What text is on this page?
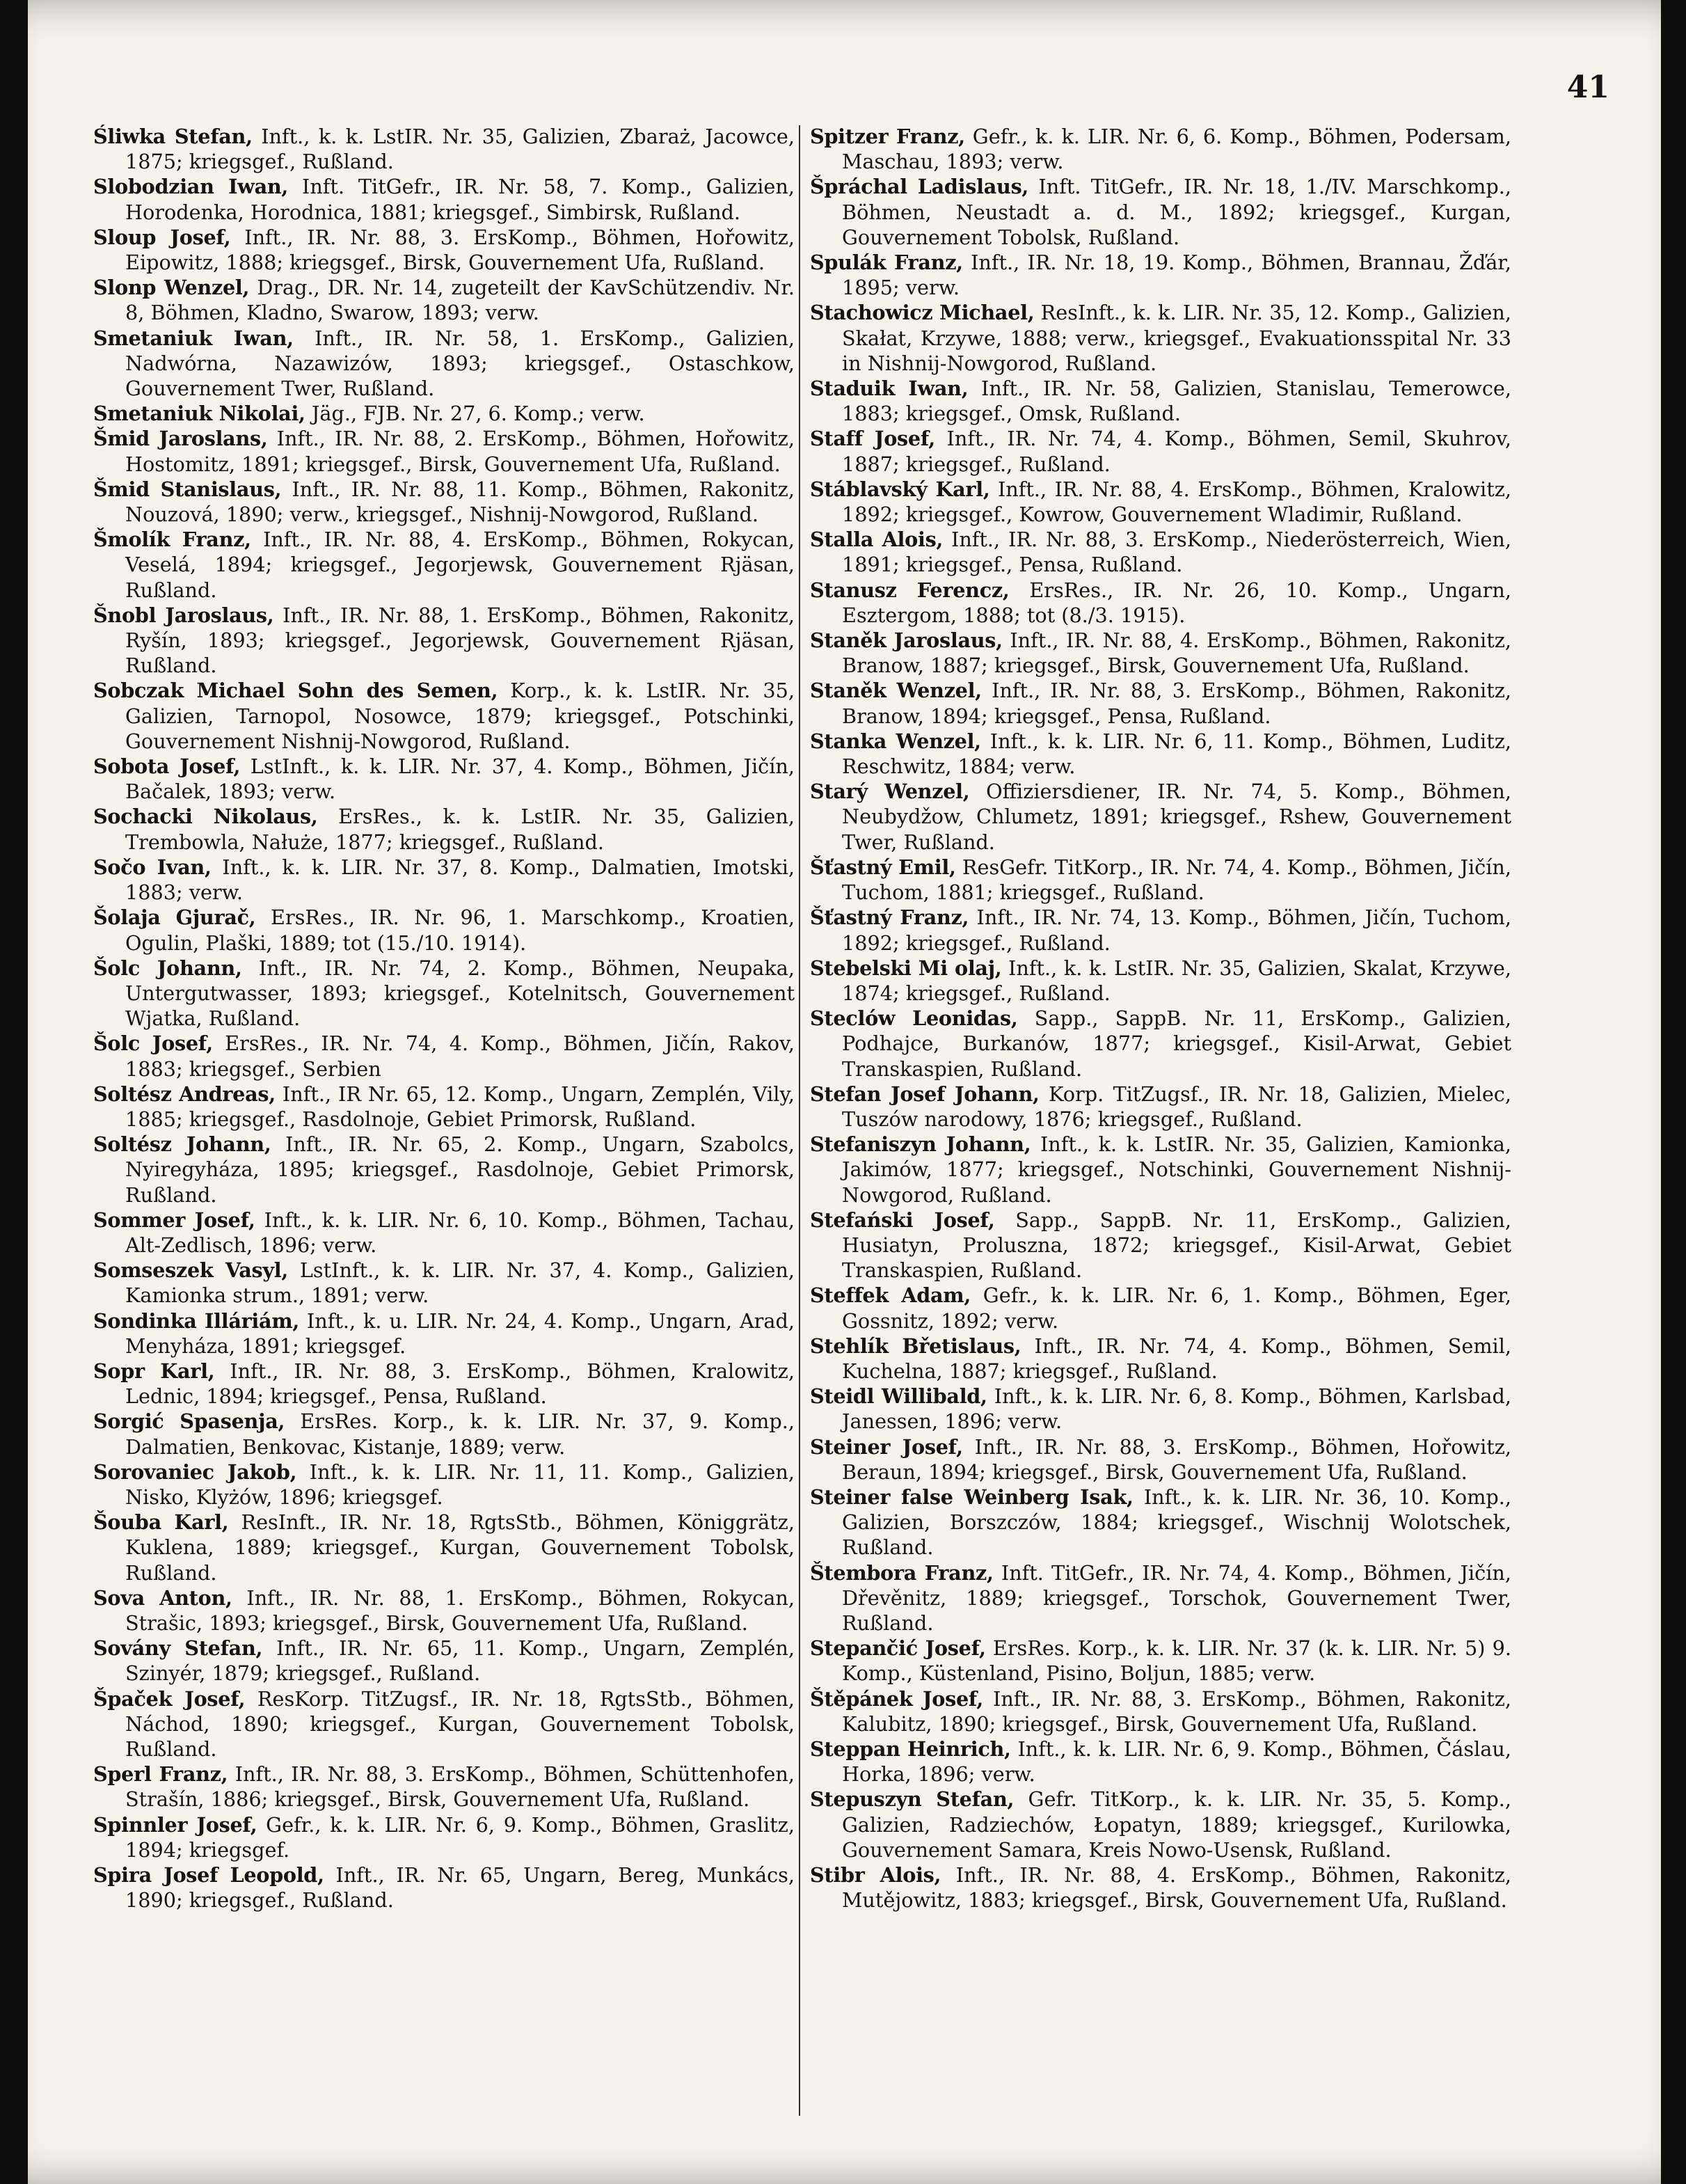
41
Śliwka Stefan, Inft., k. k. LstIR. Nr. 35, Galizien, Zbaraż, Jacowce, 1875; kriegsgef., Rußland.
Slobodzian Iwan, Inft. TitGefr., IR. Nr. 58, 7. Komp., Galizien, Horodenka, Horodnica, 1881; kriegsgef., Simbirsk, Rußland.
Sloup Josef, Inft., IR. Nr. 88, 3. ErsKomp., Böhmen, Hořowitz, Eipowitz, 1888; kriegsgef., Birsk, Gouvernement Ufa, Rußland.
Slonp Wenzel, Drag., DR. Nr. 14, zugeteilt der KavSchützendiv. Nr. 8, Böhmen, Kladno, Swarow, 1893; verw.
Smetaniuk Iwan, Inft., IR. Nr. 58, 1. ErsKomp., Galizien, Nadwórna, Nazawizów, 1893; kriegsgef., Ostaschkow, Gouvernement Twer, Rußland.
Smetaniuk Nikolai, Jäg., FJB. Nr. 27, 6. Komp.; verw.
Šmid Jaroslans, Inft., IR. Nr. 88, 2. ErsKomp., Böhmen, Hořowitz, Hostomitz, 1891; kriegsgef., Birsk, Gouvernement Ufa, Rußland.
Šmid Stanislaus, Inft., IR. Nr. 88, 11. Komp., Böhmen, Rakonitz, Nouzová, 1890; verw., kriegsgef., Nishnij-Nowgorod, Rußland.
Šmolík Franz, Inft., IR. Nr. 88, 4. ErsKomp., Böhmen, Rokycan, Veselá, 1894; kriegsgef., Jegorjewsk, Gouvernement Rjäsan, Rußland.
Šnobl Jaroslaus, Inft., IR. Nr. 88, 1. ErsKomp., Böhmen, Rakonitz, Ryšín, 1893; kriegsgef., Jegorjewsk, Gouvernement Rjäsan, Rußland.
Sobczak Michael Sohn des Semen, Korp., k. k. LstIR. Nr. 35, Galizien, Tarnopol, Nosowce, 1879; kriegsgef., Potschinki, Gouvernement Nishnij-Nowgorod, Rußland.
Sobota Josef, LstInft., k. k. LIR. Nr. 37, 4. Komp., Böhmen, Jičín, Bačalek, 1893; verw.
Sochacki Nikolaus, ErsRes., k. k. LstIR. Nr. 35, Galizien, Trembowla, Nałuże, 1877; kriegsgef., Rußland.
Sočo Ivan, Inft., k. k. LIR. Nr. 37, 8. Komp., Dalmatien, Imotski, 1883; verw.
Šolaja Gjurač, ErsRes., IR. Nr. 96, 1. Marschkomp., Kroatien, Ogulin, Plaški, 1889; tot (15./10. 1914).
Šolc Johann, Inft., IR. Nr. 74, 2. Komp., Böhmen, Neupaka, Untergutwasser, 1893; kriegsgef., Kotelnitsch, Gouvernement Wjatka, Rußland.
Šolc Josef, ErsRes., IR. Nr. 74, 4. Komp., Böhmen, Jičín, Rakov, 1883; kriegsgef., Serbien
Soltész Andreas, Inft., IR Nr. 65, 12. Komp., Ungarn, Zemplén, Vily, 1885; kriegsgef., Rasdolnoje, Gebiet Primorsk, Rußland.
Soltész Johann, Inft., IR. Nr. 65, 2. Komp., Ungarn, Szabolcs, Nyiregyháza, 1895; kriegsgef., Rasdolnoje, Gebiet Primorsk, Rußland.
Sommer Josef, Inft., k. k. LIR. Nr. 6, 10. Komp., Böhmen, Tachau, Alt-Zedlisch, 1896; verw.
Somseszek Vasyl, LstInft., k. k. LIR. Nr. 37, 4. Komp., Galizien, Kamionka strum., 1891; verw.
Sondinka Illáriám, Inft., k. u. LIR. Nr. 24, 4. Komp., Ungarn, Arad, Menyháza, 1891; kriegsgef.
Sopr Karl, Inft., IR. Nr. 88, 3. ErsKomp., Böhmen, Kralowitz, Lednic, 1894; kriegsgef., Pensa, Rußland.
Sorgić Spasenja, ErsRes. Korp., k. k. LIR. Nr. 37, 9. Komp., Dalmatien, Benkovac, Kistanje, 1889; verw.
Sorovaniec Jakob, Inft., k. k. LIR. Nr. 11, 11. Komp., Galizien, Nisko, Klyżów, 1896; kriegsgef.
Šouba Karl, ResInft., IR. Nr. 18, RgtsStb., Böhmen, Königgrätz, Kuklena, 1889; kriegsgef., Kurgan, Gouvernement Tobolsk, Rußland.
Sova Anton, Inft., IR. Nr. 88, 1. ErsKomp., Böhmen, Rokycan, Strašic, 1893; kriegsgef., Birsk, Gouvernement Ufa, Rußland.
Sovány Stefan, Inft., IR. Nr. 65, 11. Komp., Ungarn, Zemplén, Szinyér, 1879; kriegsgef., Rußland.
Špaček Josef, ResKorp. TitZugsf., IR. Nr. 18, RgtsStb., Böhmen, Náchod, 1890; kriegsgef., Kurgan, Gouvernement Tobolsk, Rußland.
Sperl Franz, Inft., IR. Nr. 88, 3. ErsKomp., Böhmen, Schüttenhofen, Strašín, 1886; kriegsgef., Birsk, Gouvernement Ufa, Rußland.
Spinnler Josef, Gefr., k. k. LIR. Nr. 6, 9. Komp., Böhmen, Graslitz, 1894; kriegsgef.
Spira Josef Leopold, Inft., IR. Nr. 65, Ungarn, Bereg, Munkács, 1890; kriegsgef., Rußland.
Spitzer Franz, Gefr., k. k. LIR. Nr. 6, 6. Komp., Böhmen, Podersam, Maschau, 1893; verw.
Špráchal Ladislaus, Inft. TitGefr., IR. Nr. 18, 1./IV. Marschkomp., Böhmen, Neustadt a. d. M., 1892; kriegsgef., Kurgan, Gouvernement Tobolsk, Rußland.
Spulák Franz, Inft., IR. Nr. 18, 19. Komp., Böhmen, Brannau, Žďár, 1895; verw.
Stachowicz Michael, ResInft., k. k. LIR. Nr. 35, 12. Komp., Galizien, Skałat, Krzywe, 1888; verw., kriegsgef., Evakuationsspital Nr. 33 in Nishnij-Nowgorod, Rußland.
Staduik Iwan, Inft., IR. Nr. 58, Galizien, Stanislau, Temerowce, 1883; kriegsgef., Omsk, Rußland.
Staff Josef, Inft., IR. Nr. 74, 4. Komp., Böhmen, Semil, Skuhrov, 1887; kriegsgef., Rußland.
Stáblavský Karl, Inft., IR. Nr. 88, 4. ErsKomp., Böhmen, Kralowitz, 1892; kriegsgef., Kowrow, Gouvernement Wladimir, Rußland.
Stalla Alois, Inft., IR. Nr. 88, 3. ErsKomp., Niederösterreich, Wien, 1891; kriegsgef., Pensa, Rußland.
Stanusz Ferencz, ErsRes., IR. Nr. 26, 10. Komp., Ungarn, Esztergom, 1888; tot (8./3. 1915).
Staněk Jaroslaus, Inft., IR. Nr. 88, 4. ErsKomp., Böhmen, Rakonitz, Branow, 1887; kriegsgef., Birsk, Gouvernement Ufa, Rußland.
Staněk Wenzel, Inft., IR. Nr. 88, 3. ErsKomp., Böhmen, Rakonitz, Branow, 1894; kriegsgef., Pensa, Rußland.
Stanka Wenzel, Inft., k. k. LIR. Nr. 6, 11. Komp., Böhmen, Luditz, Reschwitz, 1884; verw.
Starý Wenzel, Offiziersdiener, IR. Nr. 74, 5. Komp., Böhmen, Neubydžow, Chlumetz, 1891; kriegsgef., Rshew, Gouvernement Twer, Rußland.
Šťastný Emil, ResGefr. TitKorp., IR. Nr. 74, 4. Komp., Böhmen, Jičín, Tuchom, 1881; kriegsgef., Rußland.
Šťastný Franz, Inft., IR. Nr. 74, 13. Komp., Böhmen, Jičín, Tuchom, 1892; kriegsgef., Rußland.
Stebelski Mi olaj, Inft., k. k. LstIR. Nr. 35, Galizien, Skalat, Krzywe, 1874; kriegsgef., Rußland.
Steclów Leonidas, Sapp., SappB. Nr. 11, ErsKomp., Galizien, Podhajce, Burkanów, 1877; kriegsgef., Kisil-Arwat, Gebiet Transkaspien, Rußland.
Stefan Josef Johann, Korp. TitZugsf., IR. Nr. 18, Galizien, Mielec, Tuszów narodowy, 1876; kriegsgef., Rußland.
Stefaniszyn Johann, Inft., k. k. LstIR. Nr. 35, Galizien, Kamionka, Jakimów, 1877; kriegsgef., Notschinki, Gouvernement Nishnij-Nowgorod, Rußland.
Stefański Josef, Sapp., SappB. Nr. 11, ErsKomp., Galizien, Husiatyn, Proluszna, 1872; kriegsgef., Kisil-Arwat, Gebiet Transkaspien, Rußland.
Steffek Adam, Gefr., k. k. LIR. Nr. 6, 1. Komp., Böhmen, Eger, Gossnitz, 1892; verw.
Stehlík Břetislaus, Inft., IR. Nr. 74, 4. Komp., Böhmen, Semil, Kuchelna, 1887; kriegsgef., Rußland.
Steidl Willibald, Inft., k. k. LIR. Nr. 6, 8. Komp., Böhmen, Karlsbad, Janessen, 1896; verw.
Steiner Josef, Inft., IR. Nr. 88, 3. ErsKomp., Böhmen, Hořowitz, Beraun, 1894; kriegsgef., Birsk, Gouvernement Ufa, Rußland.
Steiner false Weinberg Isak, Inft., k. k. LIR. Nr. 36, 10. Komp., Galizien, Borszczów, 1884; kriegsgef., Wischnij Wolotschek, Rußland.
Štembora Franz, Inft. TitGefr., IR. Nr. 74, 4. Komp., Böhmen, Jičín, Dřevěnitz, 1889; kriegsgef., Torschok, Gouvernement Twer, Rußland.
Stepančić Josef, ErsRes. Korp., k. k. LIR. Nr. 37 (k. k. LIR. Nr. 5) 9. Komp., Küstenland, Pisino, Boljun, 1885; verw.
Štěpánek Josef, Inft., IR. Nr. 88, 3. ErsKomp., Böhmen, Rakonitz, Kalubitz, 1890; kriegsgef., Birsk, Gouvernement Ufa, Rußland.
Steppan Heinrich, Inft., k. k. LIR. Nr. 6, 9. Komp., Böhmen, Čáslau, Horka, 1896; verw.
Stepuszyn Stefan, Gefr. TitKorp., k. k. LIR. Nr. 35, 5. Komp., Galizien, Radziechów, Łopatyn, 1889; kriegsgef., Kurilowka, Gouvernement Samara, Kreis Nowo-Usensk, Rußland.
Stibr Alois, Inft., IR. Nr. 88, 4. ErsKomp., Böhmen, Rakonitz, Mutějowitz, 1883; kriegsgef., Birsk, Gouvernement Ufa, Rußland.
